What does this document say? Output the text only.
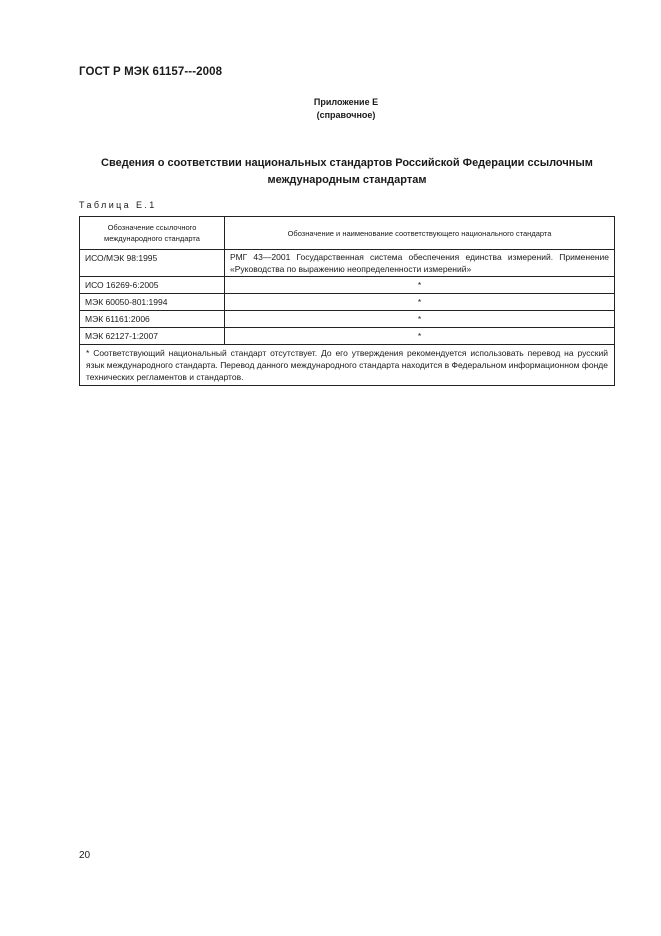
ГОСТ Р МЭК 61157---2008
Приложение Е
(справочное)
Сведения о соответствии национальных стандартов Российской Федерации ссылочным международным стандартам
Таблица Е.1
Обозначение ссылочного международного стандарта	Обозначение и наименование соответствующего национального стандарта
ИСО/МЭК 98:1995	РМГ 43—2001 Государственная система обеспечения единства измерений. Применение «Руководства по выражению неопределенности измерений»
ИСО 16269-6:2005	*
МЭК 60050-801:1994	*
МЭК 61161:2006	*
МЭК 62127-1:2007	*
* Соответствующий национальный стандарт отсутствует. До его утверждения рекомендуется использовать перевод на русский язык международного стандарта. Перевод данного международного стандарта находится в Федеральном информационном фонде технических регламентов и стандартов.	
20
